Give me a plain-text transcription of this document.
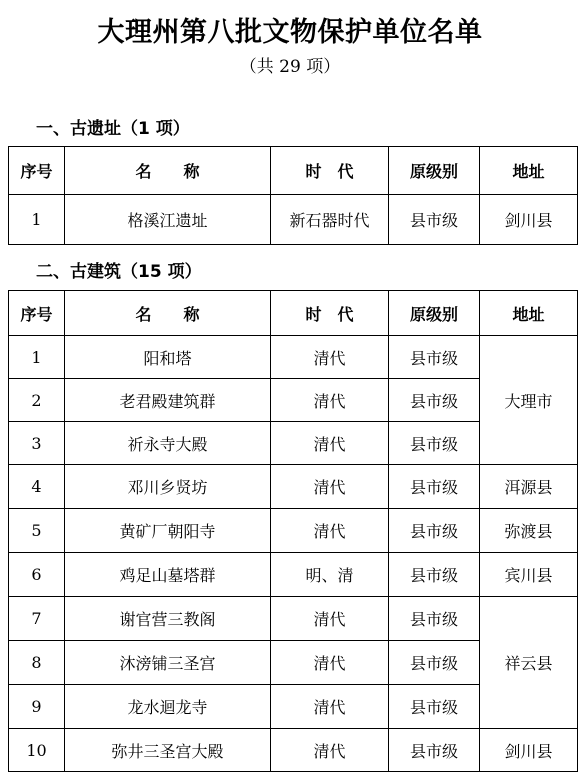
大理州第八批文物保护单位名单
（共 29 项）
一、古遗址（1 项）
序号	名　　称	时　代	原级别	地址
1	格溪江遗址	新石器时代	县市级	剑川县
二、古建筑（15 项）
序号	名　　称	时　代	原级别	地址
1	阳和塔	清代	县市级	大理市
2	老君殿建筑群	清代	县市级	
3	祈永寺大殿	清代	县市级	
4	邓川乡贤坊	清代	县市级	洱源县
5	黄矿厂朝阳寺	清代	县市级	弥渡县
6	鸡足山墓塔群	明、清	县市级	宾川县
7	谢官营三教阁	清代	县市级	祥云县
8	沐滂铺三圣宫	清代	县市级	
9	龙水迴龙寺	清代	县市级	
10	弥井三圣宫大殿	清代	县市级	剑川县
